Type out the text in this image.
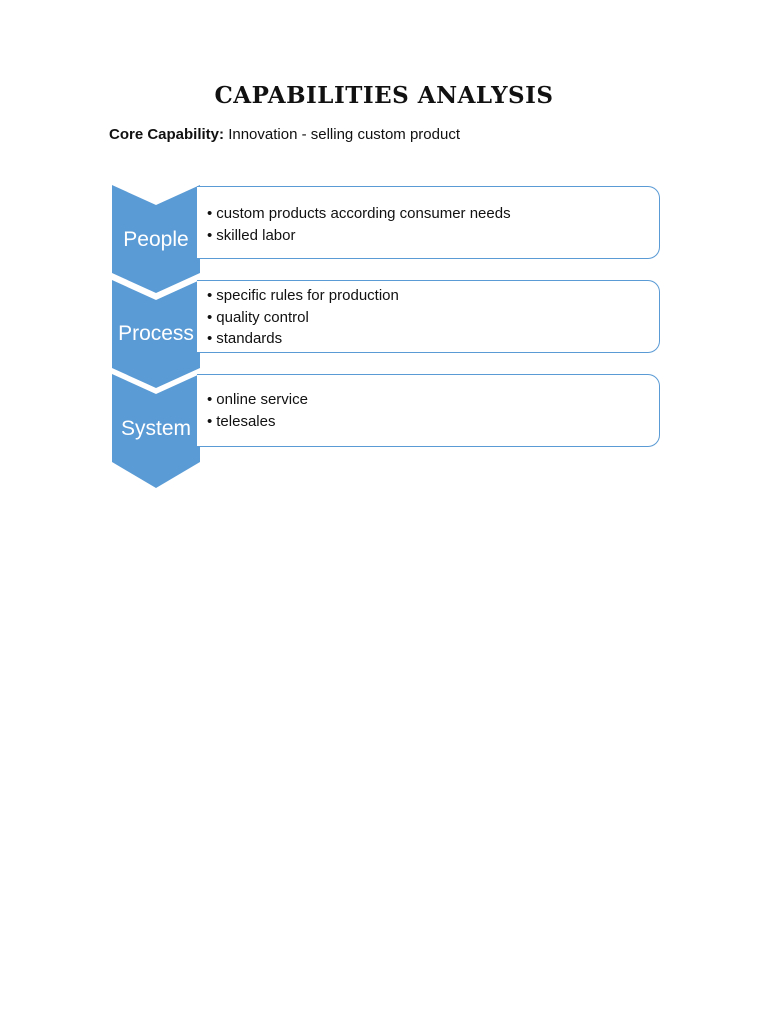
CAPABILITIES ANALYSIS
Core Capability: Innovation - selling custom product
• custom products according consumer needs
• skilled labor
People
• specific rules for production
• quality control
• standards
Process
• online service
• telesales
System
